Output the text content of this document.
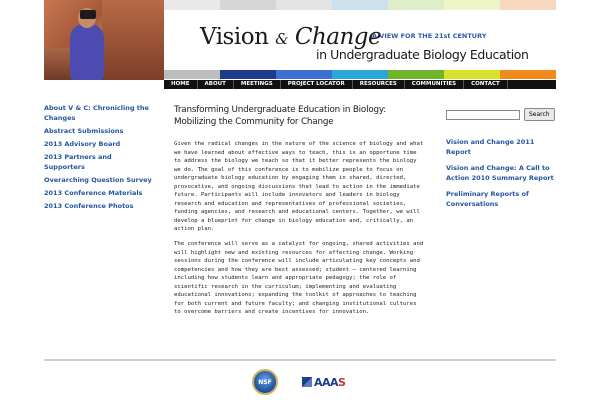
Vision & Change
A VIEW FOR THE 21st CENTURY
in Undergraduate Biology Education
HOME	ABOUT	MEETINGS	PROJECT LOCATOR	RESOURCES	COMMUNITIES	CONTACT
About V & C: Chronicling the Changes
Abstract Submissions
2013 Advisory Board
2013 Partners and Supporters
Overarching Question Survey
2013 Conference Materials
2013 Conference Photos
Transforming Undergraduate Education in Biology: Mobilizing the Community for Change

Given the radical changes in the nature of the science of biology and what we have learned about effective ways to teach, this is an opportune time to address the biology we teach so that it better represents the biology we do. The goal of this conference is to mobilize people to focus on undergraduate biology education by engaging them in shared, directed, provocative, and ongoing discussions that lead to action in the immediate future. Participants will include innovators and leaders in biology research and education and representatives of professional societies, funding agencies, and research and educational centers. Together, we will develop a blueprint for change in biology education and, critically, an action plan.

The conference will serve as a catalyst for ongoing, shared activities and will highlight new and existing resources for effecting change. Working sessions during the conference will include articulating key concepts and competencies and how they are best assessed; student – centered learning including how students learn and appropriate pedagogy; the role of scientific research in the curriculum; implementing and evaluating educational innovations; expanding the toolkit of approaches to teaching for both current and future faculty; and changing institutional cultures to overcome barriers and create incentives for innovation.

Search
Vision and Change 2011 Report
Vision and Change: A Call to Action 2010 Summary Report
Preliminary Reports of Conversations
NSF	AAAS
